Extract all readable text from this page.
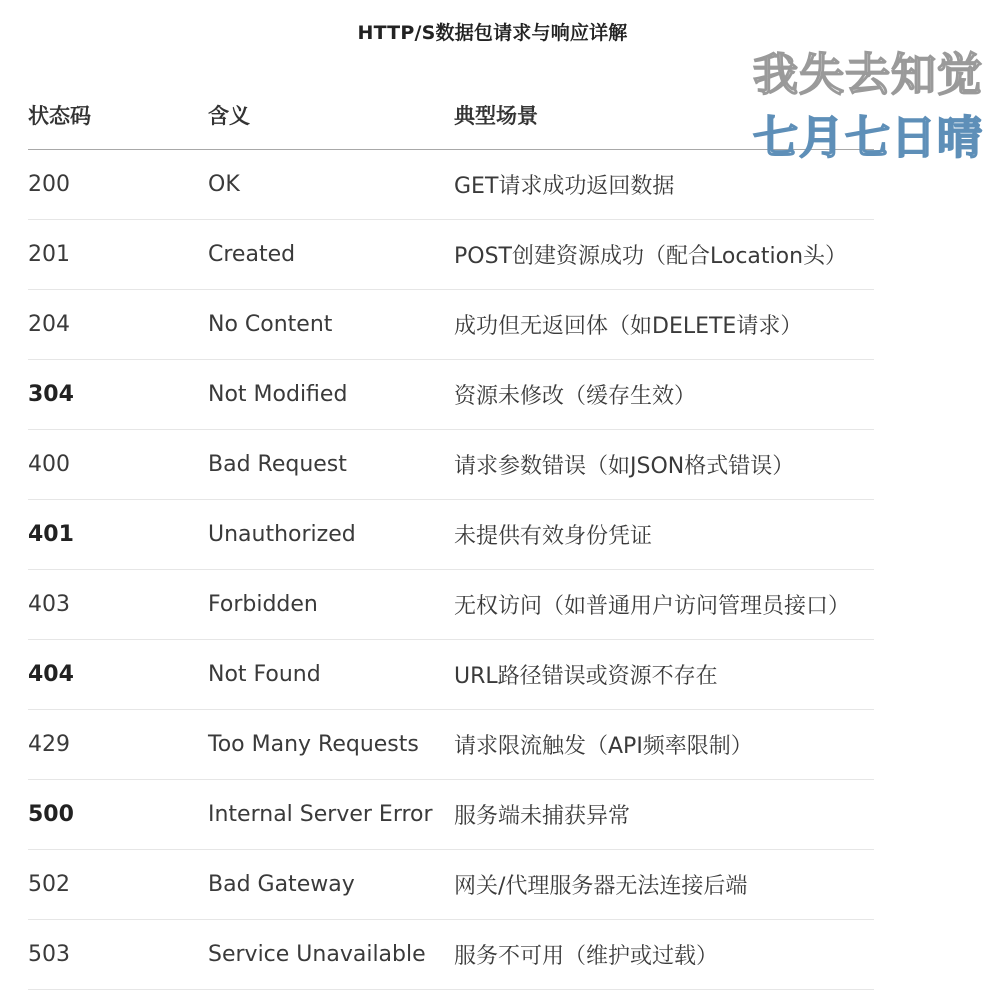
HTTP/S数据包请求与响应详解
状态码	含义	典型场景
200	OK	GET请求成功返回数据
201	Created	POST创建资源成功（配合Location头）
204	No Content	成功但无返回体（如DELETE请求）
304	Not Modified	资源未修改（缓存生效）
400	Bad Request	请求参数错误（如JSON格式错误）
401	Unauthorized	未提供有效身份凭证
403	Forbidden	无权访问（如普通用户访问管理员接口）
404	Not Found	URL路径错误或资源不存在
429	Too Many Requests	请求限流触发（API频率限制）
500	Internal Server Error	服务端未捕获异常
502	Bad Gateway	网关/代理服务器无法连接后端
503	Service Unavailable	服务不可用（维护或过载）
我失去知觉
七月七日晴
